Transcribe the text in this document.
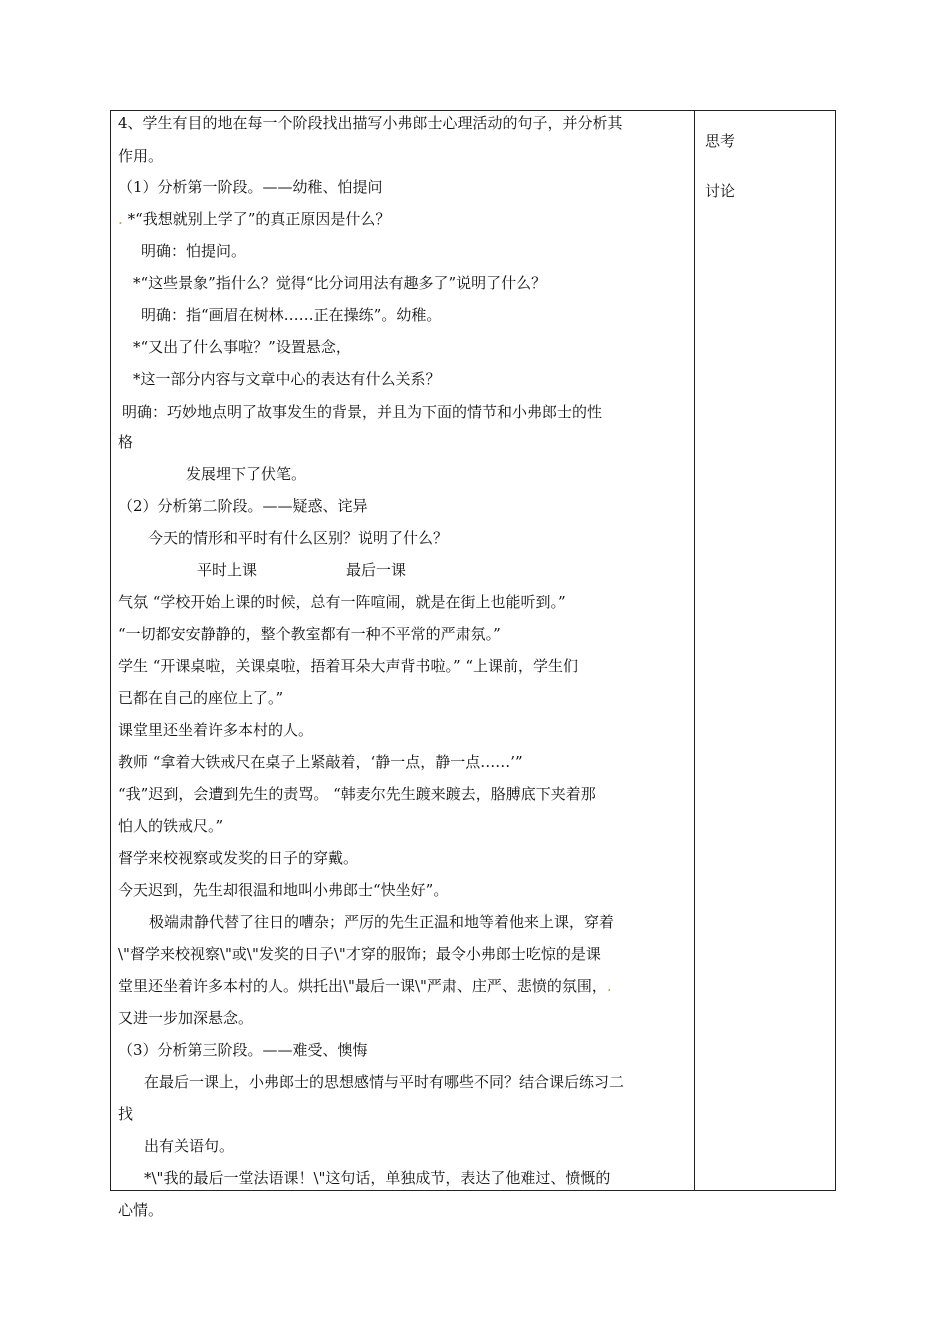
4、学生有目的地在每一个阶段找出描写小弗郎士心理活动的句子，并分析其
作用。
（1）分析第一阶段。——幼稚、怕提问
. *“我想就别上学了”的真正原因是什么？
明确：怕提问。
*“这些景象”指什么？觉得“比分词用法有趣多了”说明了什么？
明确：指“画眉在树林……正在操练”。幼稚。
*“又出了什么事啦？”设置悬念，
*这一部分内容与文章中心的表达有什么关系？
明确：巧妙地点明了故事发生的背景，并且为下面的情节和小弗郎士的性
格
发展埋下了伏笔。
（2）分析第二阶段。——疑惑、诧异
今天的情形和平时有什么区别？说明了什么？
平时上课	最后一课
气氛 “学校开始上课的时候，总有一阵喧闹，就是在街上也能听到。”
“一切都安安静静的，整个教室都有一种不平常的严肃氛。”
学生 “开课桌啦，关课桌啦，捂着耳朵大声背书啦。” “上课前，学生们
已都在自己的座位上了。”
课堂里还坐着许多本村的人。
教师 “拿着大铁戒尺在桌子上紧敲着，‘静一点，静一点……’”
“我”迟到，会遭到先生的责骂。 “韩麦尔先生踱来踱去，胳膊底下夹着那
怕人的铁戒尺。”
督学来校视察或发奖的日子的穿戴。
今天迟到，先生却很温和地叫小弗郎士“快坐好”。
极端肃静代替了往日的嘈杂；严厉的先生正温和地等着他来上课，穿着
\"督学来校视察\"或\"发奖的日子\"才穿的服饰；最令小弗郎士吃惊的是课
堂里还坐着许多本村的人。烘托出\"最后一课\"严肃、庄严、悲愤的氛围，.
又进一步加深悬念。
（3）分析第三阶段。——难受、懊悔
在最后一课上，小弗郎士的思想感情与平时有哪些不同？结合课后练习二
找
出有关语句。
*\"我的最后一堂法语课！\"这句话，单独成节，表达了他难过、愤慨的
心情。
思考
讨论
